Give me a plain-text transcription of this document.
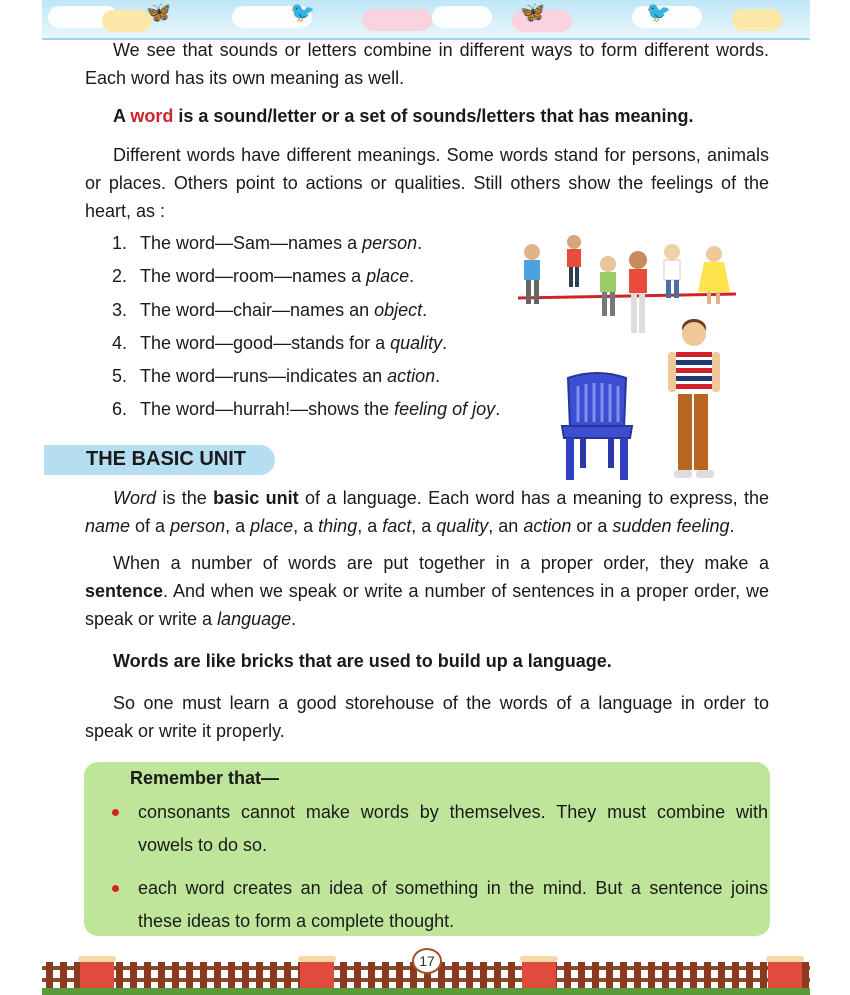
🦋	🐦	🦋	🐦

We see that sounds or letters combine in different ways to form different words. Each word has its own meaning as well.

A word is a sound/letter or a set of sounds/letters that has meaning.

Different words have different meanings. Some words stand for persons, animals or places. Others point to actions or qualities. Still others show the feelings of the heart, as :

1. The word—Sam—names a person.
2. The word—room—names a place.
3. The word—chair—names an object.
4. The word—good—stands for a quality.
5. The word—runs—indicates an action.
6. The word—hurrah!—shows the feeling of joy.
THE BASIC UNIT

Word is the basic unit of a language. Each word has a meaning to express, the name of a person, a place, a thing, a fact, a quality, an action or a sudden feeling.

When a number of words are put together in a proper order, they make a sentence. And when we speak or write a number of sentences in a proper order, we speak or write a language.

Words are like bricks that are used to build up a language.

So one must learn a good storehouse of the words of a language in order to speak or write it properly.

Remember that—
consonants cannot make words by themselves. They must combine with vowels to do so.
each word creates an idea of something in the mind. But a sentence joins these ideas to form a complete thought.
17
